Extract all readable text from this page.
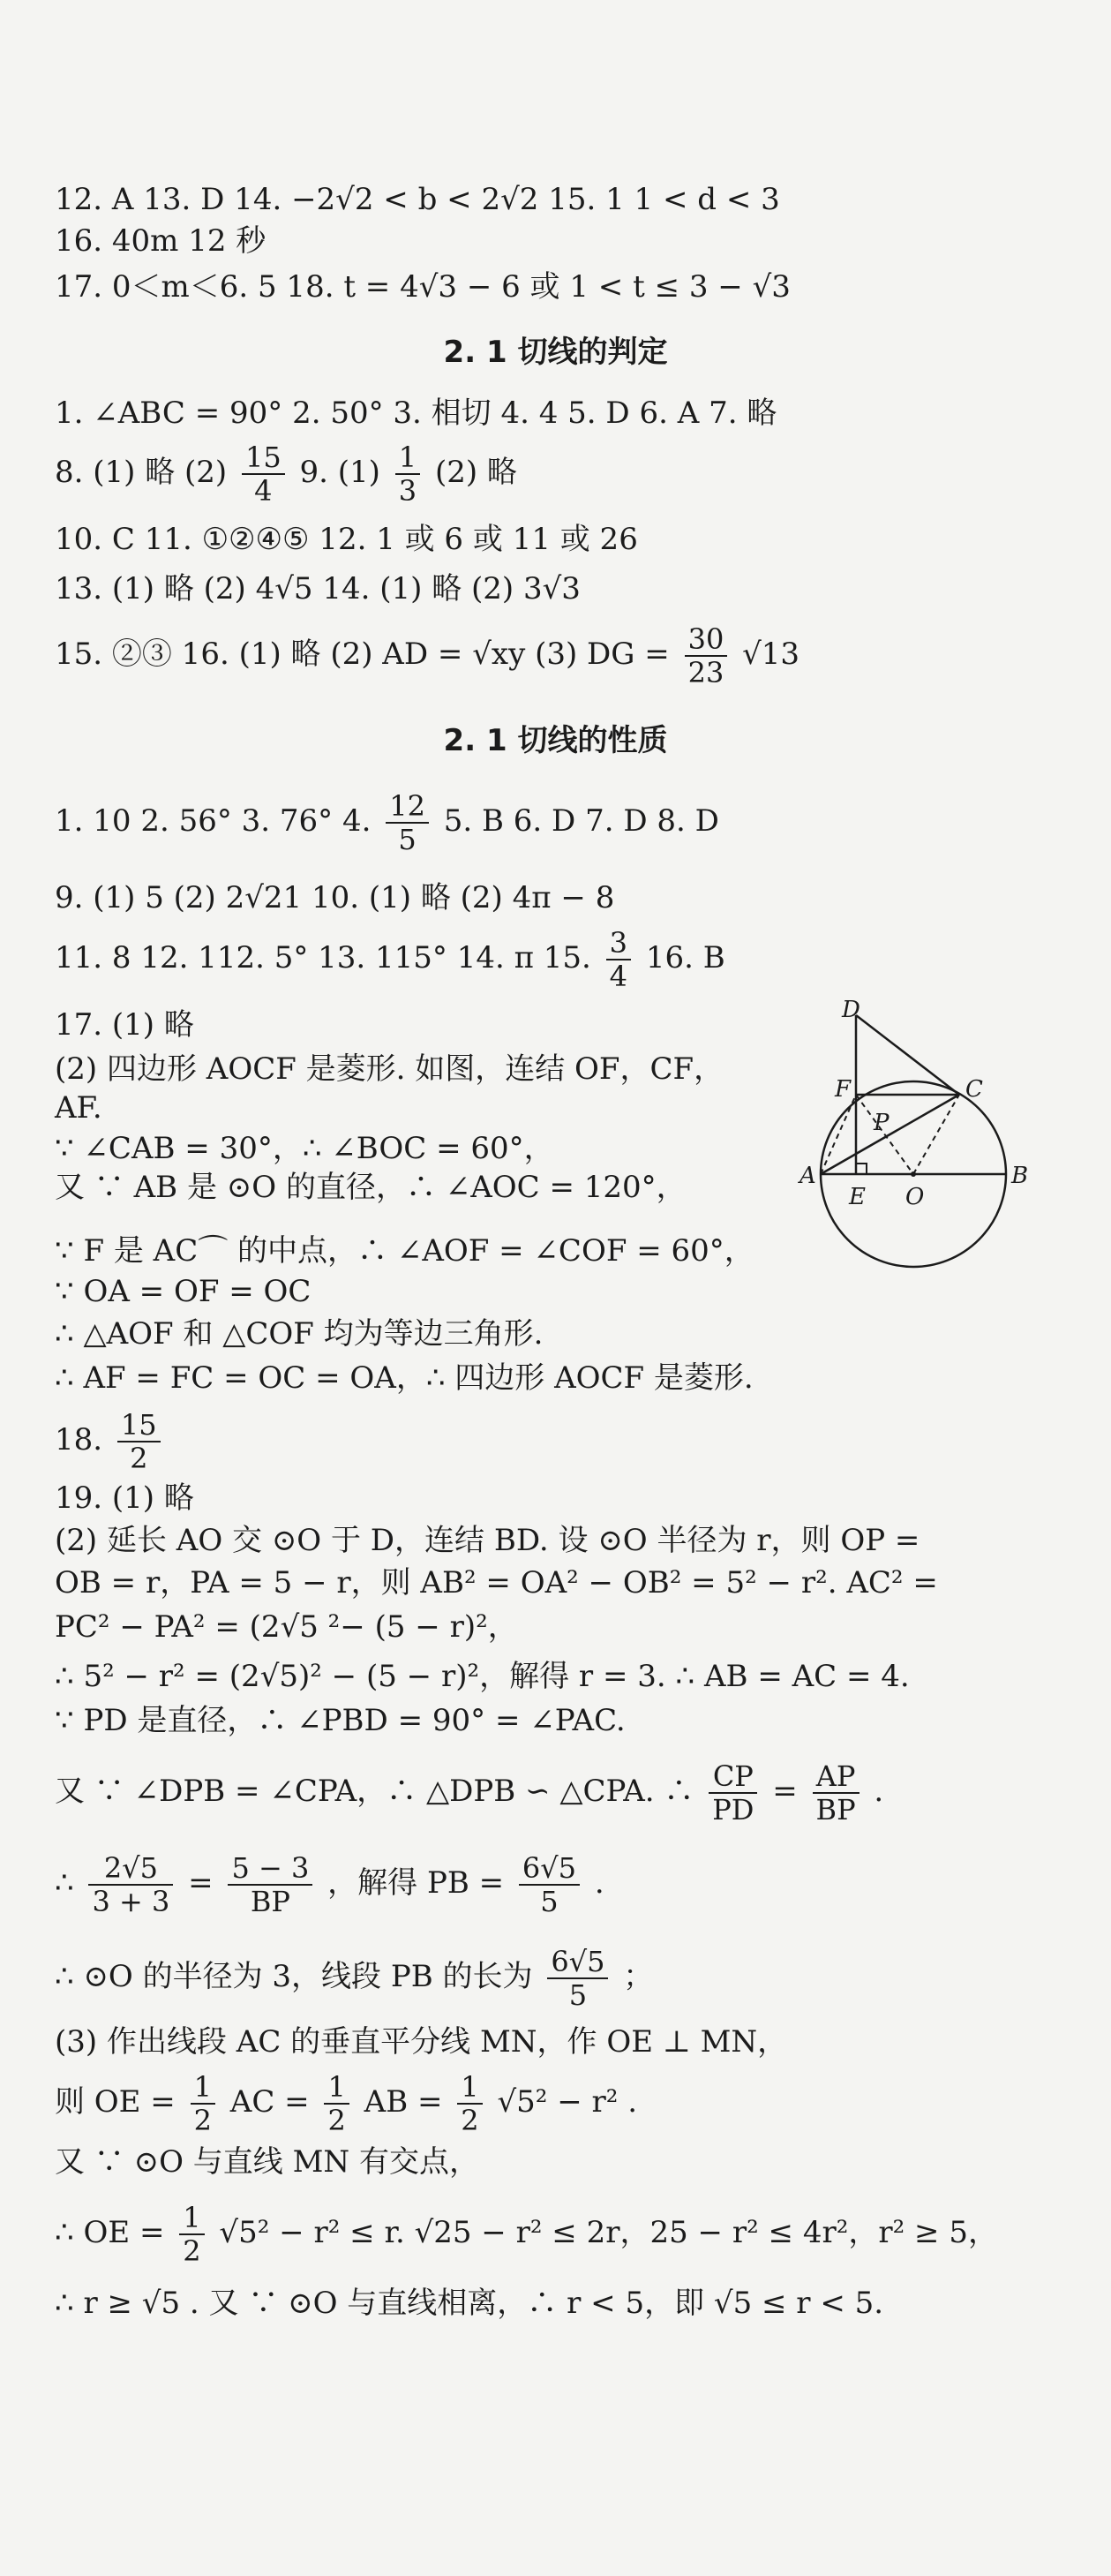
12. A 13. D 14. −2√2 < b < 2√2 15. 1 1 < d < 3
16. 40m 12 秒
17. 0＜m＜6. 5 18. t = 4√3 − 6 或 1 < t ≤ 3 − √3
2. 1 切线的判定
1. ∠ABC = 90° 2. 50° 3. 相切 4. 4 5. D 6. A 7. 略
8. (1) 略 $(2) \frac{15}{4} 9$. $(1) \frac{1}{3} (2)$ 略
10. C 11. ①②④⑤ 12. 1 或 6 或 11 或 26
13. (1) 略 (2) 4√5 14. (1) 略 (2) 3√3
15. ②③ 16. (1) 略 (2) AD = √xy (3) DG = $\frac{30}{23} √13$
2. 1 切线的性质
1. 10 2. 56° 3. 76° 4. $\frac{12}{5} 5$. B 6. D 7. D 8. D
9. (1) 5 (2) 2√21 10. (1) 略 (2) 4π − 8
11. 8 12. 112. 5° 13. 115° 14. π 15. $\frac{3}{4} 16$. B
17. (1) 略
(2) 四边形 AOCF 是菱形. 如图，连结 OF，CF，
AF.
∵ ∠CAB = 30°，∴ ∠BOC = 60°，
又 ∵ AB 是 ⊙O 的直径，∴ ∠AOC = 120°，
∵ F 是 AC⌒ 的中点，∴ ∠AOF = ∠COF = 60°，
∵ OA = OF = OC
∴ △AOF 和 △COF 均为等边三角形.
∴ AF = FC = OC = OA，∴ 四边形 AOCF 是菱形.
D
F	C
P
A
E O
B
18. $\frac{15}{2}$
19. (1) 略
(2) 延长 AO 交 ⊙O 于 D，连结 BD. 设 ⊙O 半径为 r，则 OP =
OB = r，PA = 5 − r，则 AB² = OA² − OB² = 5² − r². AC² =
PC² − PA² = (2√5 ²− (5 − r)²，
∴ 5² − r² = (2√5)² − (5 − r)²，解得 r = 3. ∴ AB = AC = 4.
∵ PD 是直径，∴ ∠PBD = 90° = ∠PAC.
又 ∵ ∠DPB = ∠CPA，∴ △DPB ∽ △CPA. ∴ $\frac{CP}{PD} = \frac{AP}{BP}$ .
∴ $\frac{2√5}{3 + 3} = \frac{5 - 3}{BP}$ ，解得 PB = $\frac{6√5}{5}$ .
∴ ⊙O 的半径为 3，线段 PB 的长为 $\frac{6√5}{5}$ ；
(3) 作出线段 AC 的垂直平分线 MN，作 OE ⊥ MN，
则 OE = $\frac{1}{2}$ AC = $\frac{1}{2}$ AB = $\frac{1}{2} √5^2 - r^2$ .
又 ∵ ⊙O 与直线 MN 有交点，
∴ OE = $\frac{1}{2} √5^2 - r^2 \le r$. √25 − r² ≤ 2r，25 − r² ≤ 4r²，r² ≥ 5，
∴ r ≥ √5 . 又 ∵ ⊙O 与直线相离，∴ r < 5，即 √5 ≤ r < 5.
